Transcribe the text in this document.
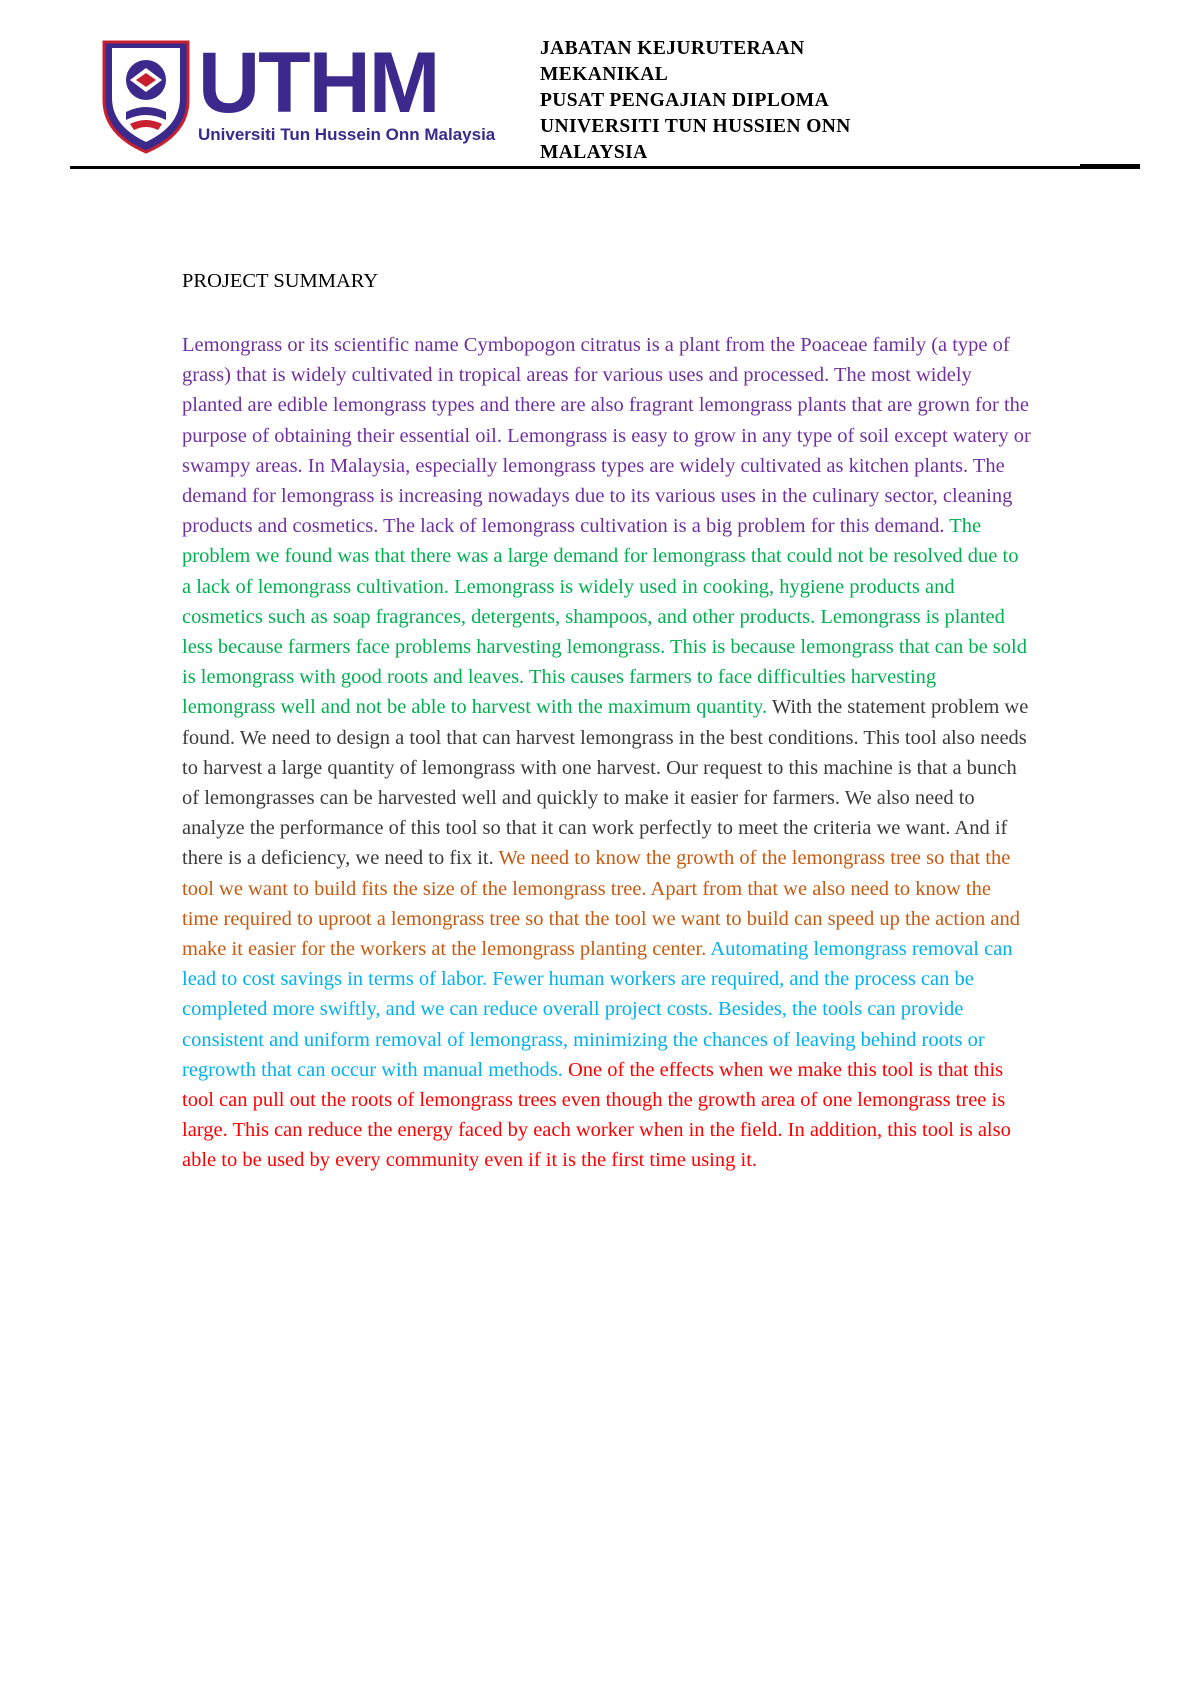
UTHM
Universiti Tun Hussein Onn Malaysia
JABATAN KEJURUTERAAN
MEKANIKAL
PUSAT PENGAJIAN DIPLOMA
UNIVERSITI TUN HUSSIEN ONN
MALAYSIA
PROJECT SUMMARY

Lemongrass or its scientific name Cymbopogon citratus is a plant from the Poaceae family (a type of grass) that is widely cultivated in tropical areas for various uses and processed. The most widely planted are edible lemongrass types and there are also fragrant lemongrass plants that are grown for the purpose of obtaining their essential oil. Lemongrass is easy to grow in any type of soil except watery or swampy areas. In Malaysia, especially lemongrass types are widely cultivated as kitchen plants. The demand for lemongrass is increasing nowadays due to its various uses in the culinary sector, cleaning products and cosmetics. The lack of lemongrass cultivation is a big problem for this demand. The problem we found was that there was a large demand for lemongrass that could not be resolved due to a lack of lemongrass cultivation. Lemongrass is widely used in cooking, hygiene products and cosmetics such as soap fragrances, detergents, shampoos, and other products. Lemongrass is planted less because farmers face problems harvesting lemongrass. This is because lemongrass that can be sold is lemongrass with good roots and leaves. This causes farmers to face difficulties harvesting lemongrass well and not be able to harvest with the maximum quantity. With the statement problem we found. We need to design a tool that can harvest lemongrass in the best conditions. This tool also needs to harvest a large quantity of lemongrass with one harvest. Our request to this machine is that a bunch of lemongrasses can be harvested well and quickly to make it easier for farmers. We also need to analyze the performance of this tool so that it can work perfectly to meet the criteria we want. And if there is a deficiency, we need to fix it. We need to know the growth of the lemongrass tree so that the tool we want to build fits the size of the lemongrass tree. Apart from that we also need to know the time required to uproot a lemongrass tree so that the tool we want to build can speed up the action and make it easier for the workers at the lemongrass planting center. Automating lemongrass removal can lead to cost savings in terms of labor. Fewer human workers are required, and the process can be completed more swiftly, and we can reduce overall project costs. Besides, the tools can provide consistent and uniform removal of lemongrass, minimizing the chances of leaving behind roots or regrowth that can occur with manual methods. One of the effects when we make this tool is that this tool can pull out the roots of lemongrass trees even though the growth area of one lemongrass tree is large. This can reduce the energy faced by each worker when in the field. In addition, this tool is also able to be used by every community even if it is the first time using it.
